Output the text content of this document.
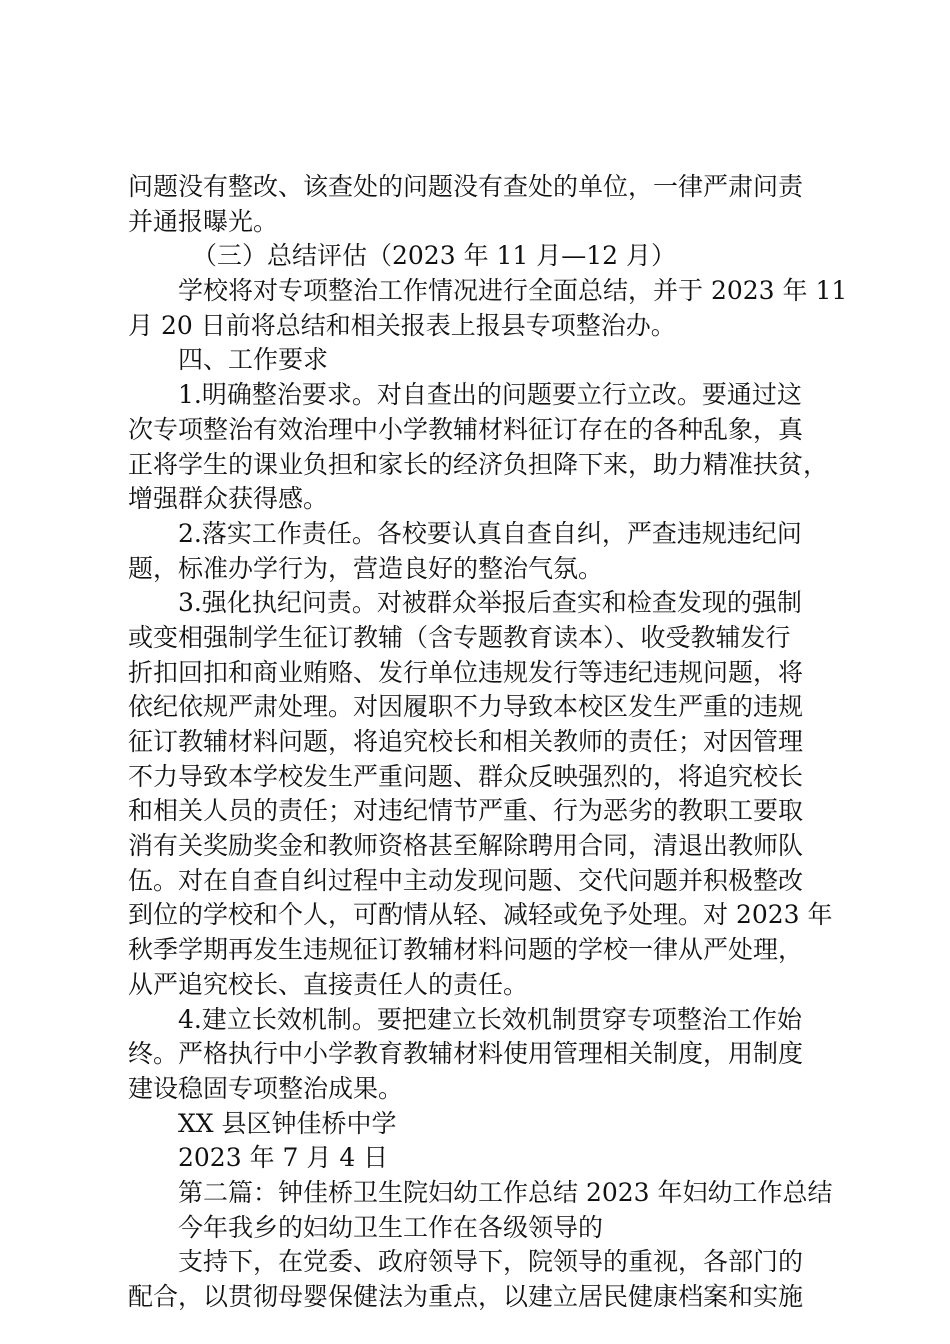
问题没有整改、该查处的问题没有查处的单位，一律严肃问责
并通报曝光。
（三）总结评估（2023 年 11 月—12 月）
学校将对专项整治工作情况进行全面总结，并于 2023 年 11
月 20 日前将总结和相关报表上报县专项整治办。
四、工作要求
1.明确整治要求。对自查出的问题要立行立改。要通过这
次专项整治有效治理中小学教辅材料征订存在的各种乱象，真
正将学生的课业负担和家长的经济负担降下来，助力精准扶贫，
增强群众获得感。
2.落实工作责任。各校要认真自查自纠，严查违规违纪问
题，标准办学行为，营造良好的整治气氛。
3.强化执纪问责。对被群众举报后查实和检查发现的强制
或变相强制学生征订教辅（含专题教育读本）、收受教辅发行
折扣回扣和商业贿赂、发行单位违规发行等违纪违规问题，将
依纪依规严肃处理。对因履职不力导致本校区发生严重的违规
征订教辅材料问题，将追究校长和相关教师的责任；对因管理
不力导致本学校发生严重问题、群众反映强烈的，将追究校长
和相关人员的责任；对违纪情节严重、行为恶劣的教职工要取
消有关奖励奖金和教师资格甚至解除聘用合同，清退出教师队
伍。对在自查自纠过程中主动发现问题、交代问题并积极整改
到位的学校和个人，可酌情从轻、减轻或免予处理。对 2023 年
秋季学期再发生违规征订教辅材料问题的学校一律从严处理，
从严追究校长、直接责任人的责任。
4.建立长效机制。要把建立长效机制贯穿专项整治工作始
终。严格执行中小学教育教辅材料使用管理相关制度，用制度
建设稳固专项整治成果。
XX 县区钟佳桥中学
2023 年 7 月 4 日
第二篇：钟佳桥卫生院妇幼工作总结 2023 年妇幼工作总结
今年我乡的妇幼卫生工作在各级领导的
支持下，在党委、政府领导下，院领导的重视，各部门的
配合，以贯彻母婴保健法为重点，以建立居民健康档案和实施
